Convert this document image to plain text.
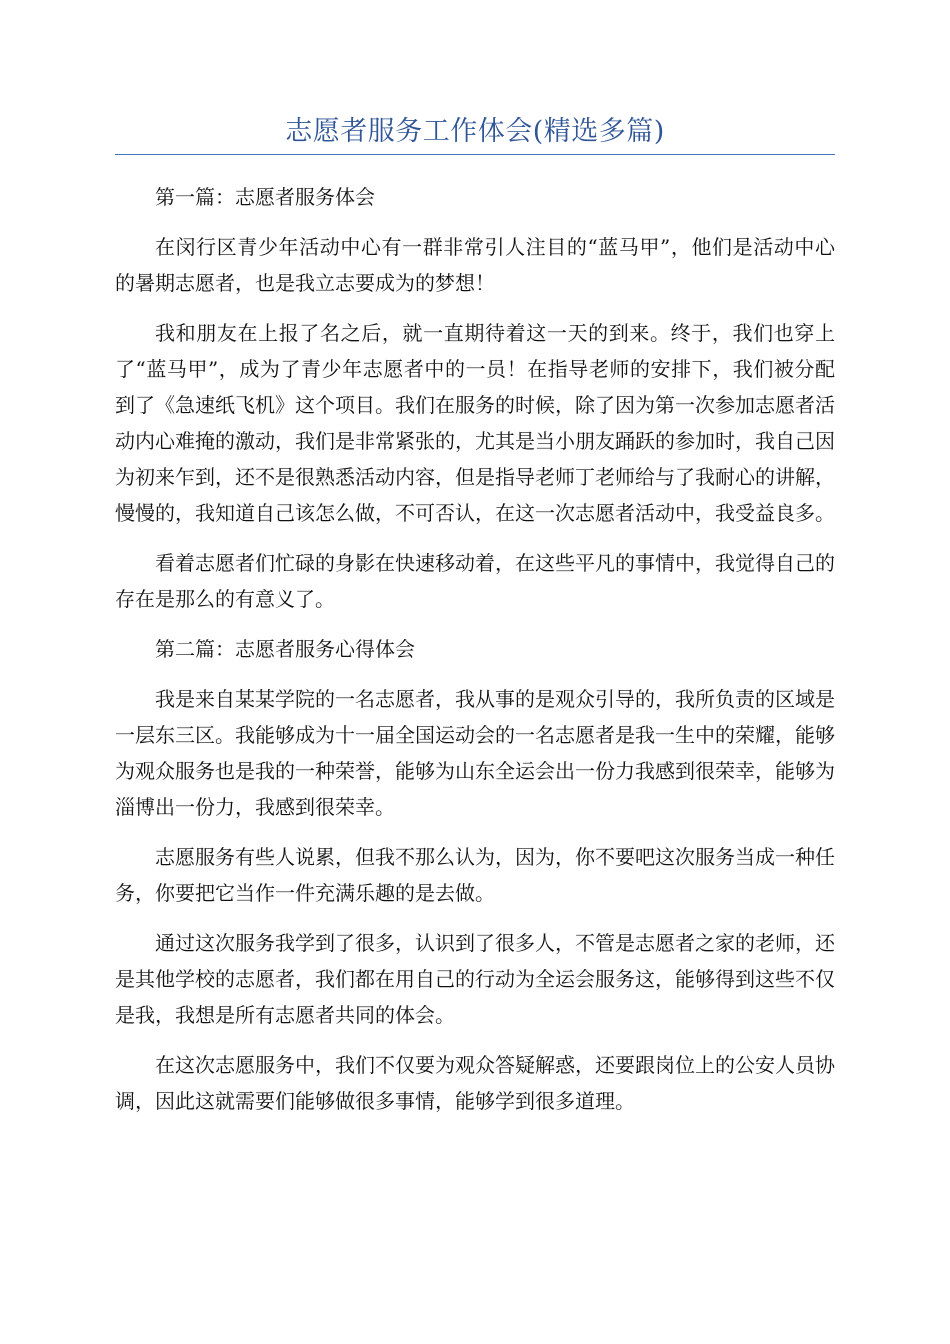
志愿者服务工作体会(精选多篇)

第一篇：志愿者服务体会

在闵行区青少年活动中心有一群非常引人注目的“蓝马甲”，他们是活动中心的暑期志愿者，也是我立志要成为的梦想！

我和朋友在上报了名之后，就一直期待着这一天的到来。终于，我们也穿上了“蓝马甲”，成为了青少年志愿者中的一员！在指导老师的安排下，我们被分配到了《急速纸飞机》这个项目。我们在服务的时候，除了因为第一次参加志愿者活动内心难掩的激动，我们是非常紧张的，尤其是当小朋友踊跃的参加时，我自己因为初来乍到，还不是很熟悉活动内容，但是指导老师丁老师给与了我耐心的讲解，慢慢的，我知道自己该怎么做，不可否认，在这一次志愿者活动中，我受益良多。

看着志愿者们忙碌的身影在快速移动着，在这些平凡的事情中，我觉得自己的存在是那么的有意义了。

第二篇：志愿者服务心得体会

我是来自某某学院的一名志愿者，我从事的是观众引导的，我所负责的区域是一层东三区。我能够成为十一届全国运动会的一名志愿者是我一生中的荣耀，能够为观众服务也是我的一种荣誉，能够为山东全运会出一份力我感到很荣幸，能够为淄博出一份力，我感到很荣幸。

志愿服务有些人说累，但我不那么认为，因为，你不要吧这次服务当成一种任务，你要把它当作一件充满乐趣的是去做。

通过这次服务我学到了很多，认识到了很多人，不管是志愿者之家的老师，还是其他学校的志愿者，我们都在用自己的行动为全运会服务这，能够得到这些不仅是我，我想是所有志愿者共同的体会。

在这次志愿服务中，我们不仅要为观众答疑解惑，还要跟岗位上的公安人员协调，因此这就需要们能够做很多事情，能够学到很多道理。
